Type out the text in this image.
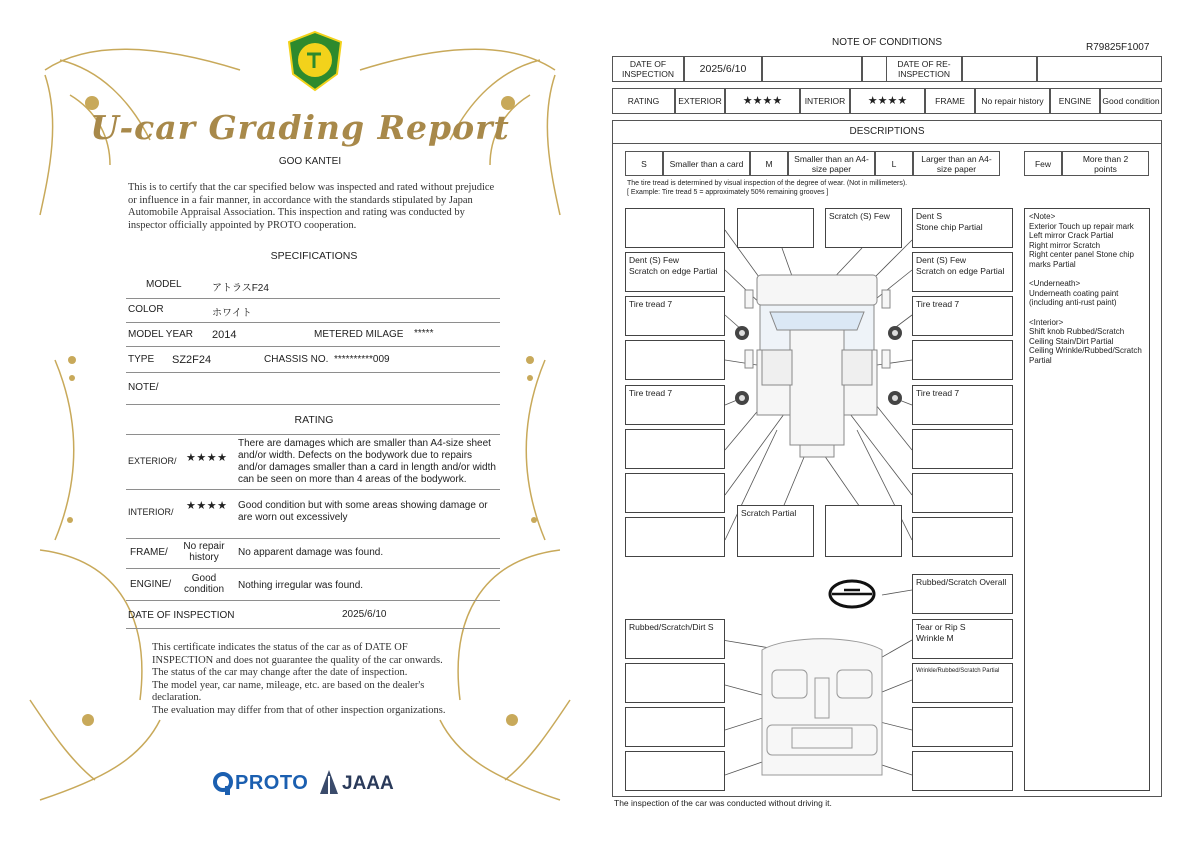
U-car Grading Report
GOO KANTEI
This is to certify that the car specified below was inspected and rated without prejudice or influence in a fair manner, in accordance with the standards stipulated by Japan Automobile Appraisal Association. This inspection and rating was conducted by inspector officially appointed by PROTO cooperation.
SPECIFICATIONS
MODEL	アトラスF24
COLOR	ホワイト
MODEL YEAR 2014	METERED MILAGE *****
TYPE SZ2F24	CHASSIS NO. **********009
NOTE/
RATING
EXTERIOR/ ★★★★
There are damages which are smaller than A4-size sheet and/or width. Defects on the bodywork due to repairs and/or damages smaller than a card in length and/or width can be seen on more than 4 areas of the bodywork.
INTERIOR/ ★★★★ Good condition but with some areas showing damage or are worn out excessively
FRAME/
No repair history	No apparent damage was found.
ENGINE/
Good condition	Nothing irregular was found.
DATE OF INSPECTION	2025/6/10
This certificate indicates the status of the car as of DATE OF
INSPECTION and does not guarantee the quality of the car onwards.
The status of the car may change after the date of inspection.
The model year, car name, mileage, etc. are based on the dealer's
declaration.
The evaluation may differ from that of other inspection organizations.
PROTO JAAA
NOTE OF CONDITIONS	R79825F1007
DATE OF INSPECTION	2025/6/10	DATE OF RE-INSPECTION
RATING	EXTERIOR	★★★★	INTERIOR	★★★★	FRAME	No repair history	ENGINE	Good condition
DESCRIPTIONS
S	Smaller than a card	M	Smaller than an A4-size paper	L	Larger than an A4-size paper	Few	More than 2 points
The tire tread is determined by visual inspection of the degree of wear. (Not in millimeters).
[ Example: Tire tread 5 = approximately 50% remaining grooves ]
Scratch (S) Few	Dent S
Stone chip Partial
Dent (S) Few
Scratch on edge Partial
Dent (S) Few
Scratch on edge Partial
Tire tread 7	Tire tread 7
Tire tread 7	Tire tread 7
Scratch Partial
Rubbed/Scratch Overall
Rubbed/Scratch/Dirt S	Tear or Rip S
Wrinkle M
Wrinkle/Rubbed/Scratch Partial
<Note>
Exterior Touch up repair mark
Left mirror Crack Partial
Right mirror Scratch
Right center panel Stone chip marks Partial
<Underneath>
Underneath coating paint (including anti-rust paint)
<Interior>
Shift knob Rubbed/Scratch
Ceiling Stain/Dirt Partial
Ceiling Wrinkle/Rubbed/Scratch Partial
The inspection of the car was conducted without driving it.
